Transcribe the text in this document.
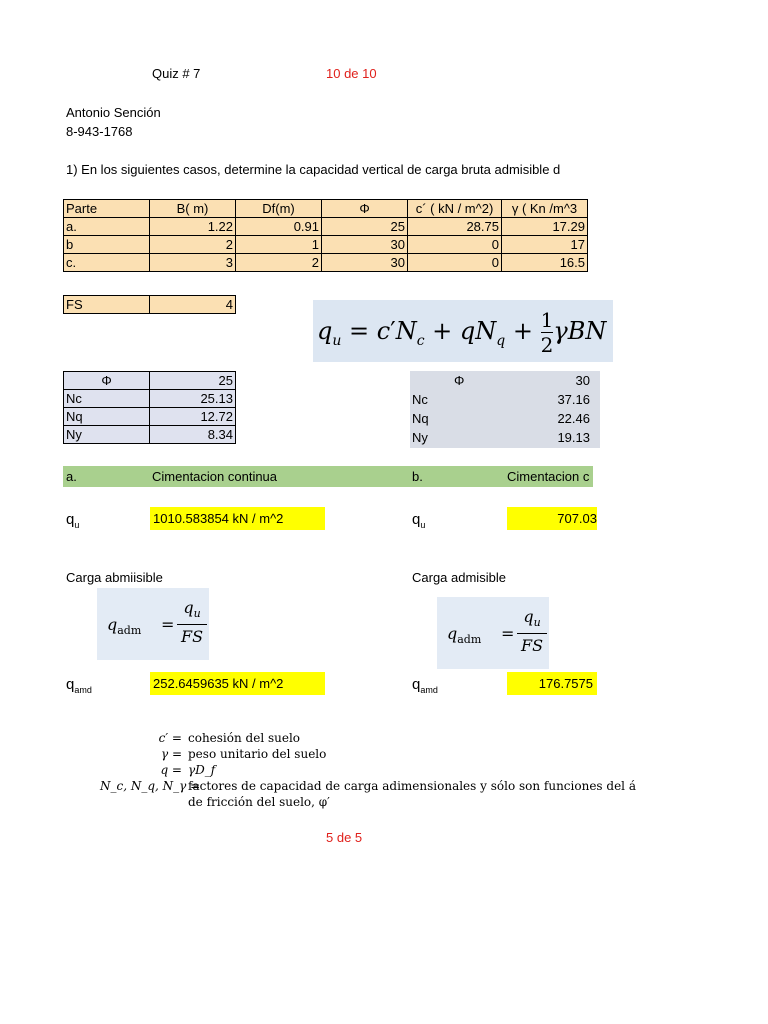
Quiz # 7	10 de 10
Antonio Sención
8-943-1768
1) En los siguientes casos, determine la capacidad vertical de carga bruta admisible d
Parte	B( m)	Df(m)	Φ	c´ ( kN / m^2)	γ ( Kn /m^3
a.	1.22	0.91	25	28.75	17.29
b	2	1	30	0	17
c.	3	2	30	0	16.5
FS	4
$q_u = c'N_c + qN_q + 1$

2 γBN
Φ	25
Nc	25.13
Nq	12.72
Ny	8.34
Φ	30
Nc	37.16
Nq	22.46
Ny	19.13
a.	Cimentacion continua	b.	Cimentacion c
$q_u$	1010.583854 kN / m^2	$q_u$	707.03
Carga abmiisible	Carga admisible
$q_{adm}$ =
$q_u$
FS	$q_{adm}$ =
$q_u$
FS
$q_{amd}$	252.6459635 kN / m^2	$q_{amd}$	176.7575
c′ = cohesión del suelo
γ = peso unitario del suelo
q = γD_f
N_c, N_q, N_γ =
factores de capacidad de carga adimensionales y sólo son funciones del á
de fricción del suelo, φ′
5 de 5
